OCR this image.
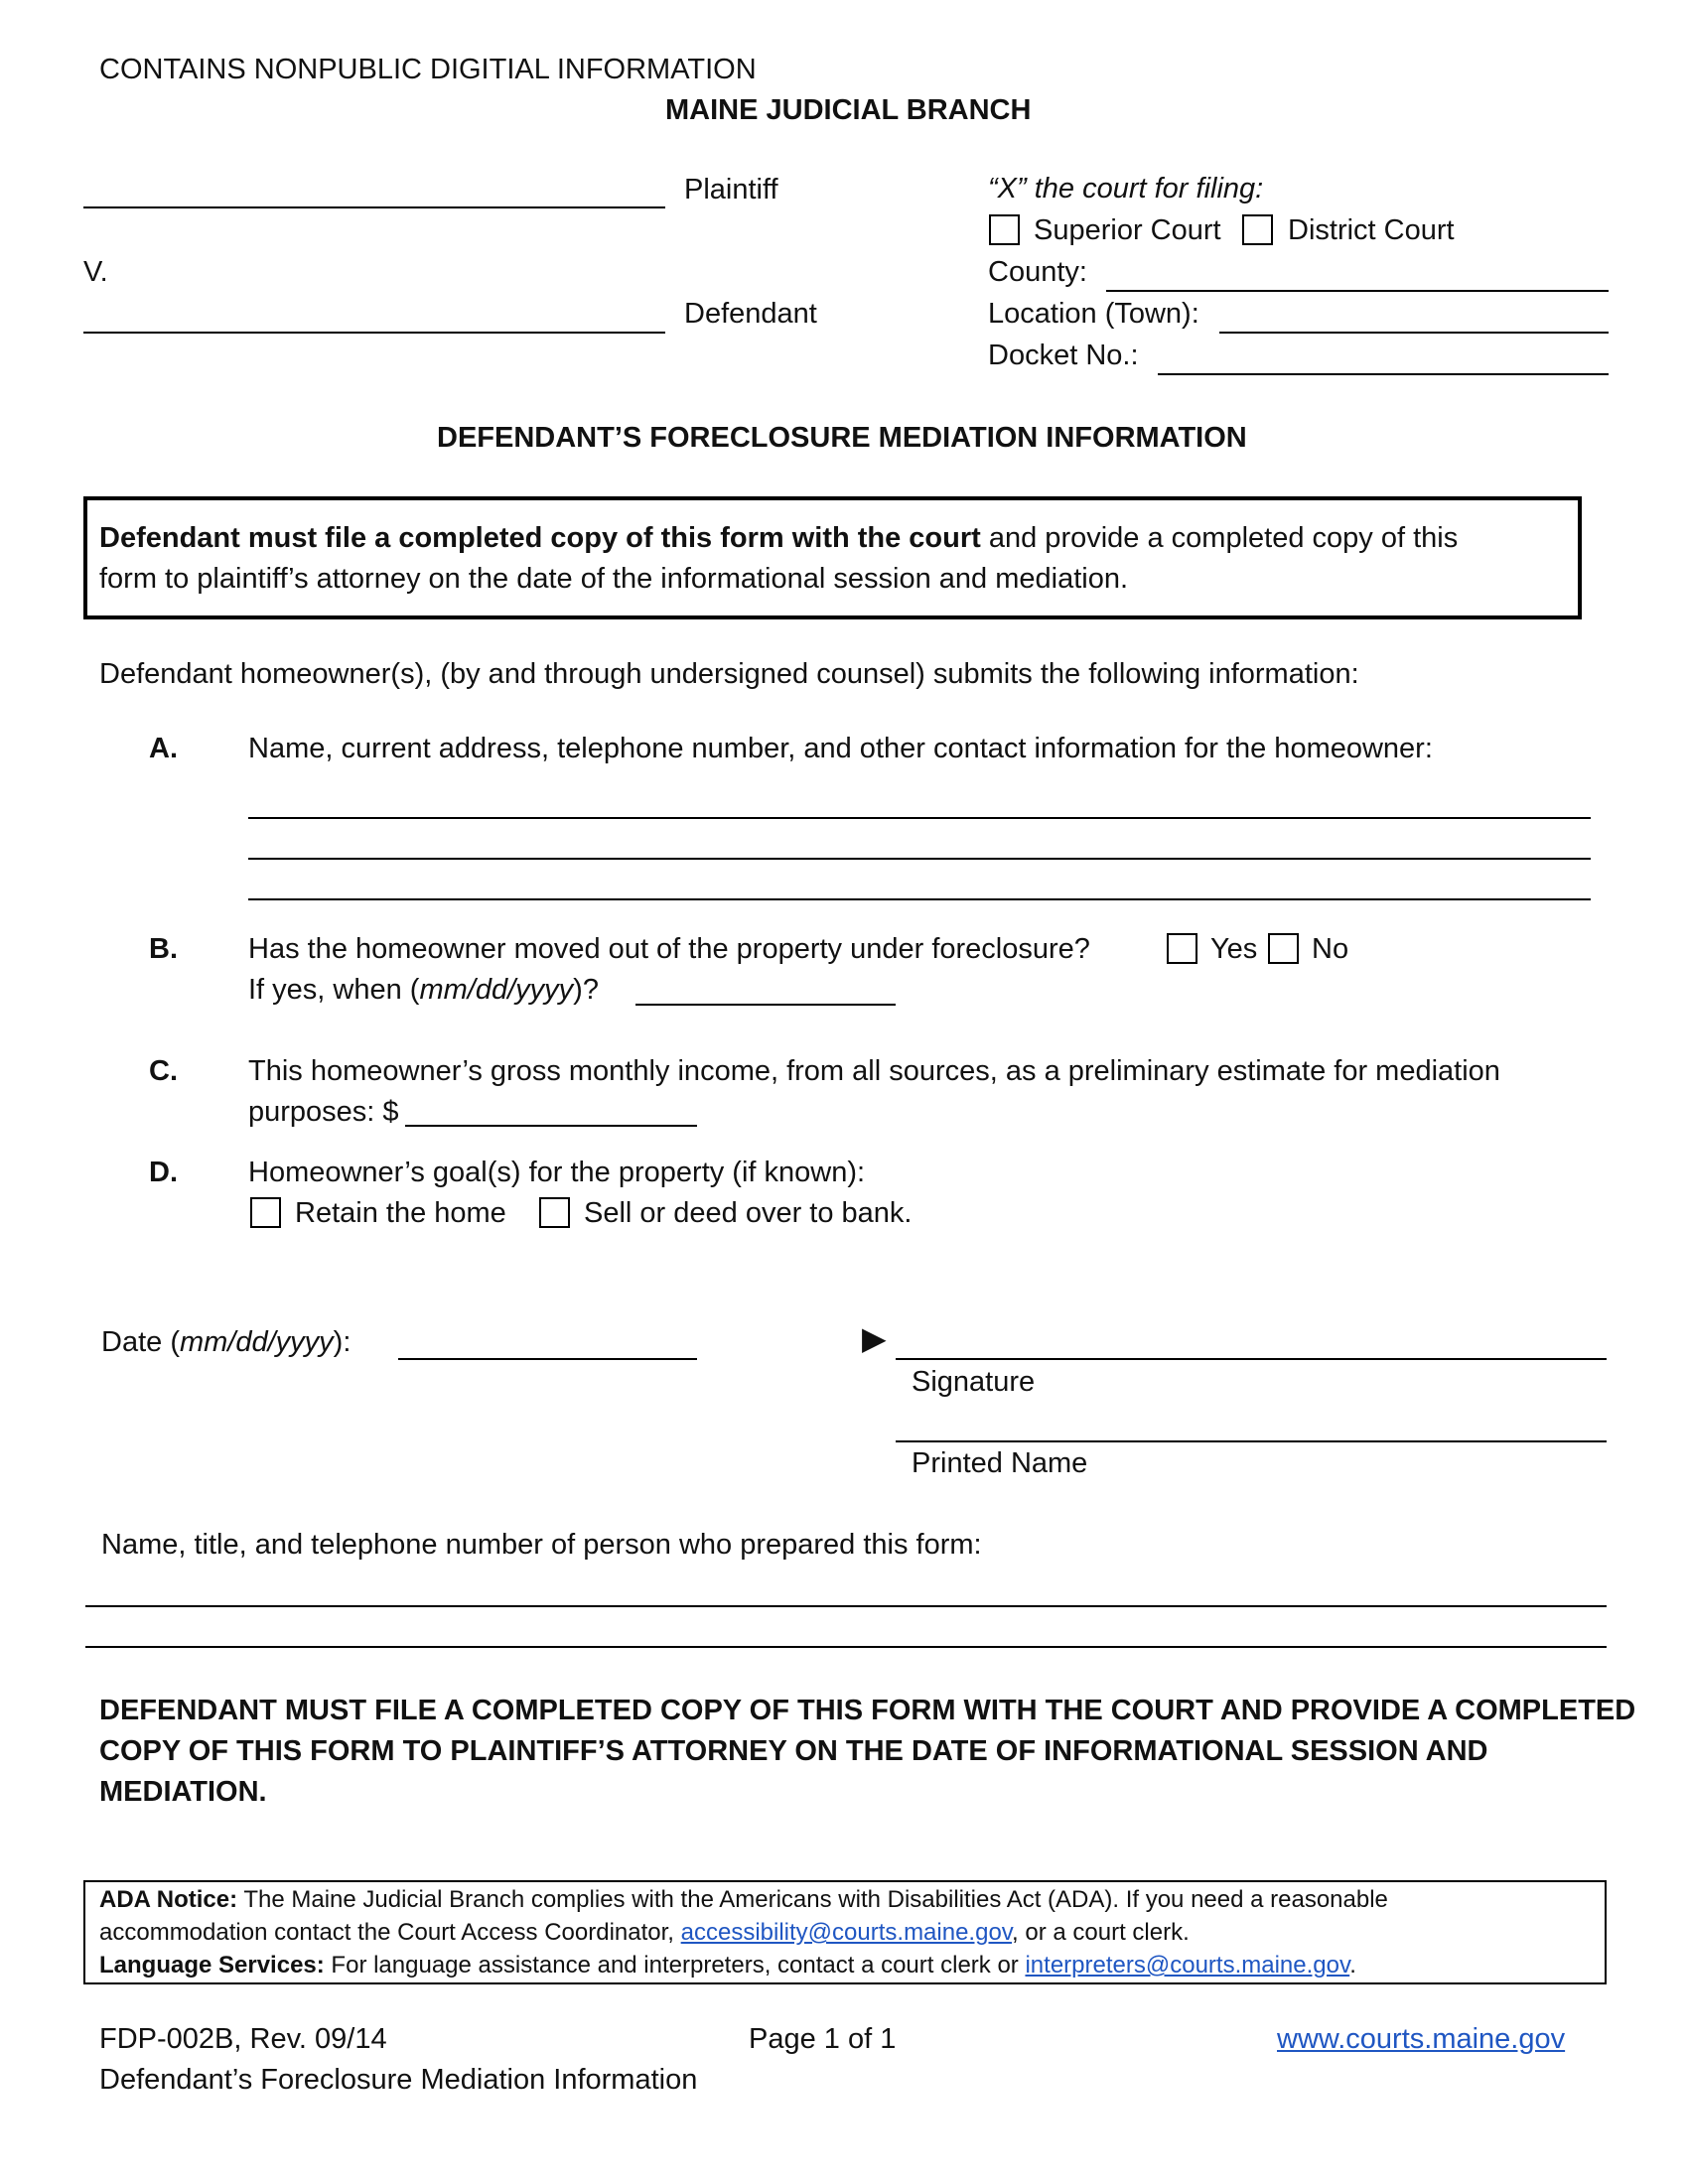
CONTAINS NONPUBLIC DIGITIAL INFORMATION
MAINE JUDICIAL BRANCH
Plaintiff
V.
Defendant
“X” the court for filing:
Superior Court District Court
County:
Location (Town):
Docket No.:
DEFENDANT’S FORECLOSURE MEDIATION INFORMATION
Defendant must file a completed copy of this form with the court and provide a completed copy of this
form to plaintiff’s attorney on the date of the informational session and mediation.
Defendant homeowner(s), (by and through undersigned counsel) submits the following information:
A. Name, current address, telephone number, and other contact information for the homeowner:
B. Has the homeowner moved out of the property under foreclosure?	Yes No
If yes, when (mm/dd/yyyy)?
C. This homeowner’s gross monthly income, from all sources, as a preliminary estimate for mediation
purposes: $
D. Homeowner’s goal(s) for the property (if known):
Retain the home	Sell or deed over to bank.
Date (mm/dd/yyyy):	▶
Signature
Printed Name
Name, title, and telephone number of person who prepared this form:
DEFENDANT MUST FILE A COMPLETED COPY OF THIS FORM WITH THE COURT AND PROVIDE A COMPLETED
COPY OF THIS FORM TO PLAINTIFF’S ATTORNEY ON THE DATE OF INFORMATIONAL SESSION AND
MEDIATION.
ADA Notice: The Maine Judicial Branch complies with the Americans with Disabilities Act (ADA). If you need a reasonable
accommodation contact the Court Access Coordinator, accessibility@courts.maine.gov, or a court clerk.
Language Services: For language assistance and interpreters, contact a court clerk or interpreters@courts.maine.gov.
FDP-002B, Rev. 09/14	Page 1 of 1	www.courts.maine.gov
Defendant’s Foreclosure Mediation Information
